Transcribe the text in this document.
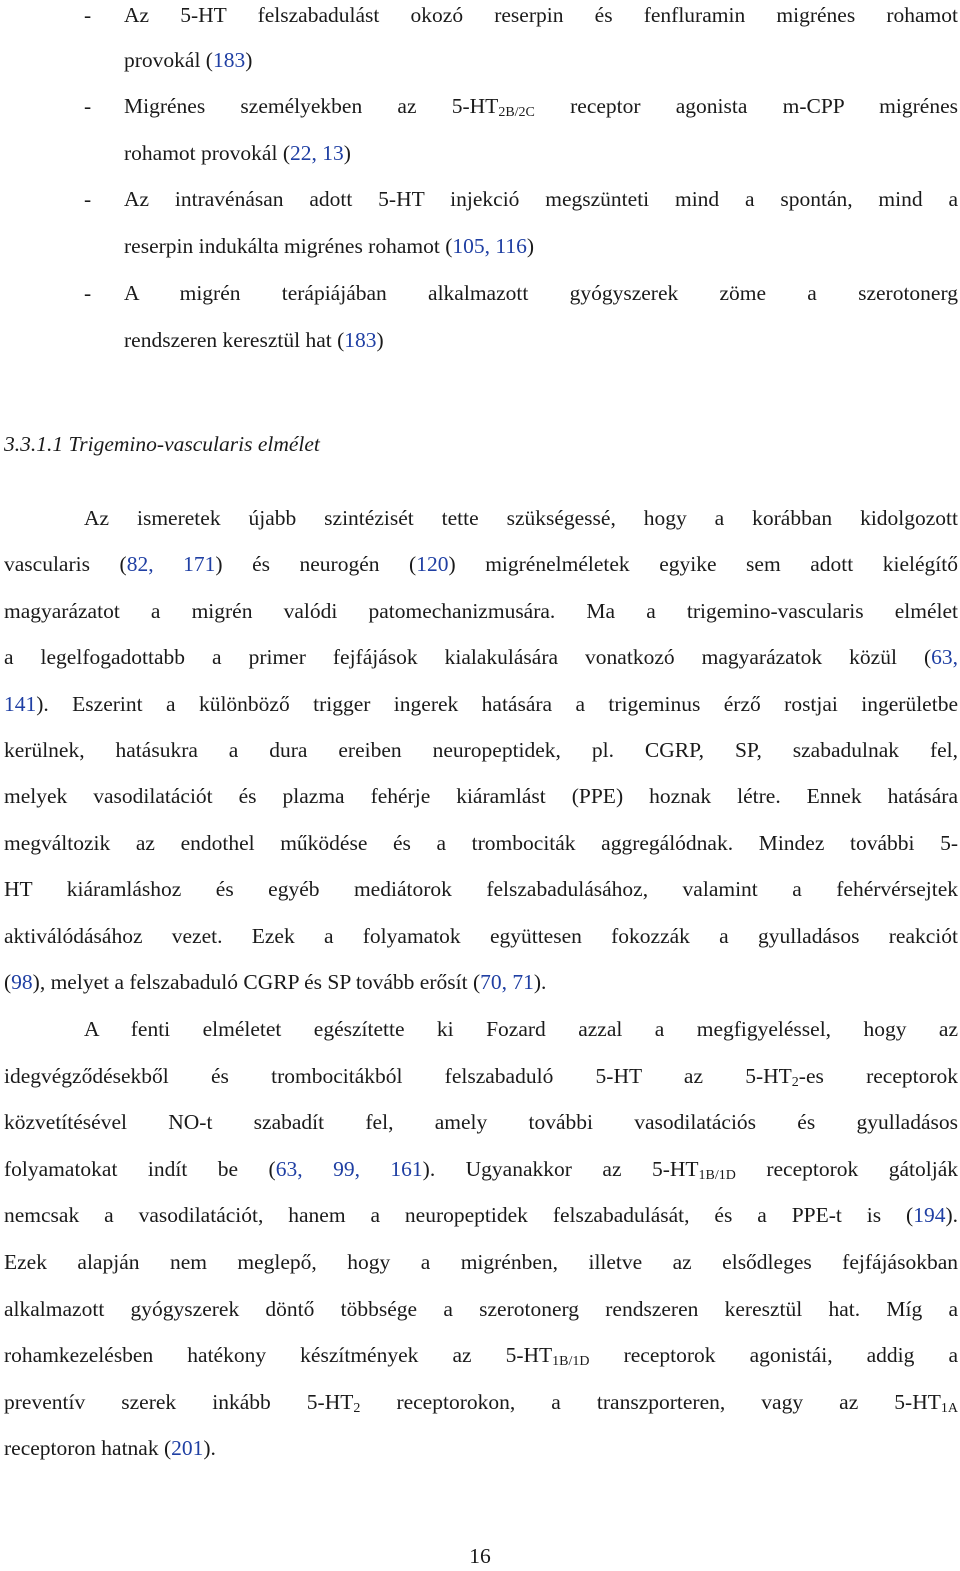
-	Az 5-HT felszabadulást okozó reserpin és fenfluramin migrénes rohamot
provokál (183)
-	Migrénes személyekben az $5-HT_{2B/2C}$ receptor agonista m-CPP migrénes
rohamot provokál (22, 13)
-	Az intravénásan adott 5-HT injekció megszünteti mind a spontán, mind a
reserpin indukálta migrénes rohamot (105, 116)
-	A migrén terápiájában alkalmazott gyógyszerek zöme a szerotonerg
rendszeren keresztül hat (183)
3.3.1.1 Trigemino-vascularis elmélet
Az ismeretek újabb szintézisét tette szükségessé, hogy a korábban kidolgozott
vascularis (82, 171) és neurogén (120) migrénelméletek egyike sem adott kielégítő
magyarázatot a migrén valódi patomechanizmusára. Ma a trigemino-vascularis elmélet
a legelfogadottabb a primer fejfájások kialakulására vonatkozó magyarázatok közül (63,
141). Eszerint a különböző trigger ingerek hatására a trigeminus érző rostjai ingerületbe
kerülnek, hatásukra a dura ereiben neuropeptidek, pl. CGRP, SP, szabadulnak fel,
melyek vasodilatációt és plazma fehérje kiáramlást (PPE) hoznak létre. Ennek hatására
megváltozik az endothel működése és a trombociták aggregálódnak. Mindez további 5-
HT kiáramláshoz és egyéb mediátorok felszabadulásához, valamint a fehérvérsejtek
aktiválódásához vezet. Ezek a folyamatok együttesen fokozzák a gyulladásos reakciót
(98), melyet a felszabaduló CGRP és SP tovább erősít (70, 71).
A fenti elméletet egészítette ki Fozard azzal a megfigyeléssel, hogy az
idegvégződésekből és trombocitákból felszabaduló 5-HT az $5-HT_2-es$ receptorok
közvetítésével NO-t szabadít fel, amely további vasodilatációs és gyulladásos
folyamatokat indít be (63, 99, 161). Ugyanakkor az $5-HT_{1B/1D}$ receptorok gátolják
nemcsak a vasodilatációt, hanem a neuropeptidek felszabadulását, és a PPE-t is (194).
Ezek alapján nem meglepő, hogy a migrénben, illetve az elsődleges fejfájásokban
alkalmazott gyógyszerek döntő többsége a szerotonerg rendszeren keresztül hat. Míg a
rohamkezelésben hatékony készítmények az $5-HT_{1B/1D}$ receptorok agonistái, addig a
preventív szerek inkább $5-HT_2$ receptorokon, a transzporteren, vagy az $5-HT_{1A}$
receptoron hatnak (201).
16
